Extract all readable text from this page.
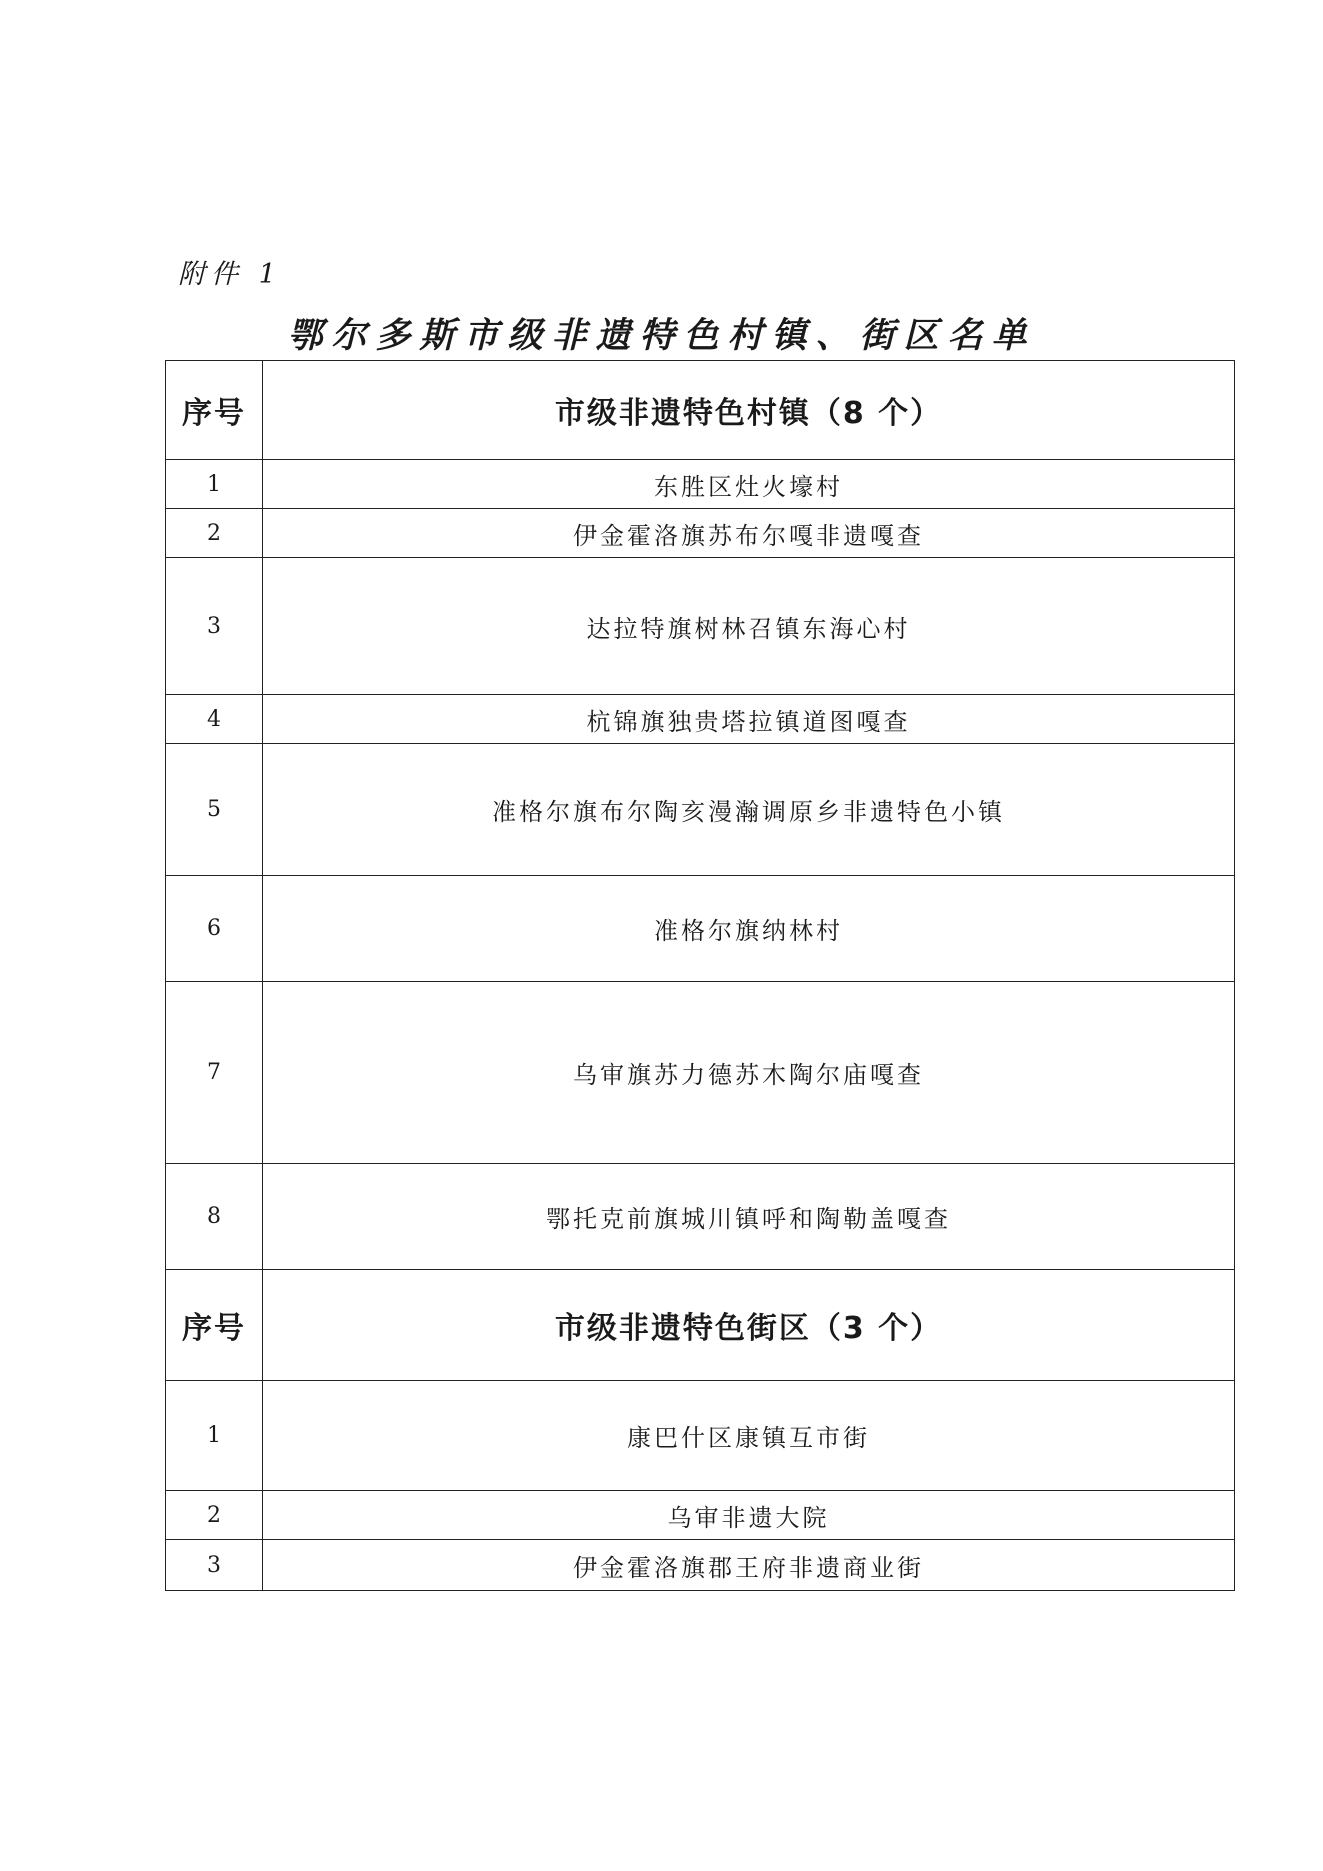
附件 1
鄂尔多斯市级非遗特色村镇、街区名单
序号	市级非遗特色村镇（8 个）
1	东胜区灶火壕村
2	伊金霍洛旗苏布尔嘎非遗嘎查
3	达拉特旗树林召镇东海心村
4	杭锦旗独贵塔拉镇道图嘎查
5	准格尔旗布尔陶亥漫瀚调原乡非遗特色小镇
6	准格尔旗纳林村
7	乌审旗苏力德苏木陶尔庙嘎查
8	鄂托克前旗城川镇呼和陶勒盖嘎查
序号	市级非遗特色街区（3 个）
1	康巴什区康镇互市街
2	乌审非遗大院
3	伊金霍洛旗郡王府非遗商业街
